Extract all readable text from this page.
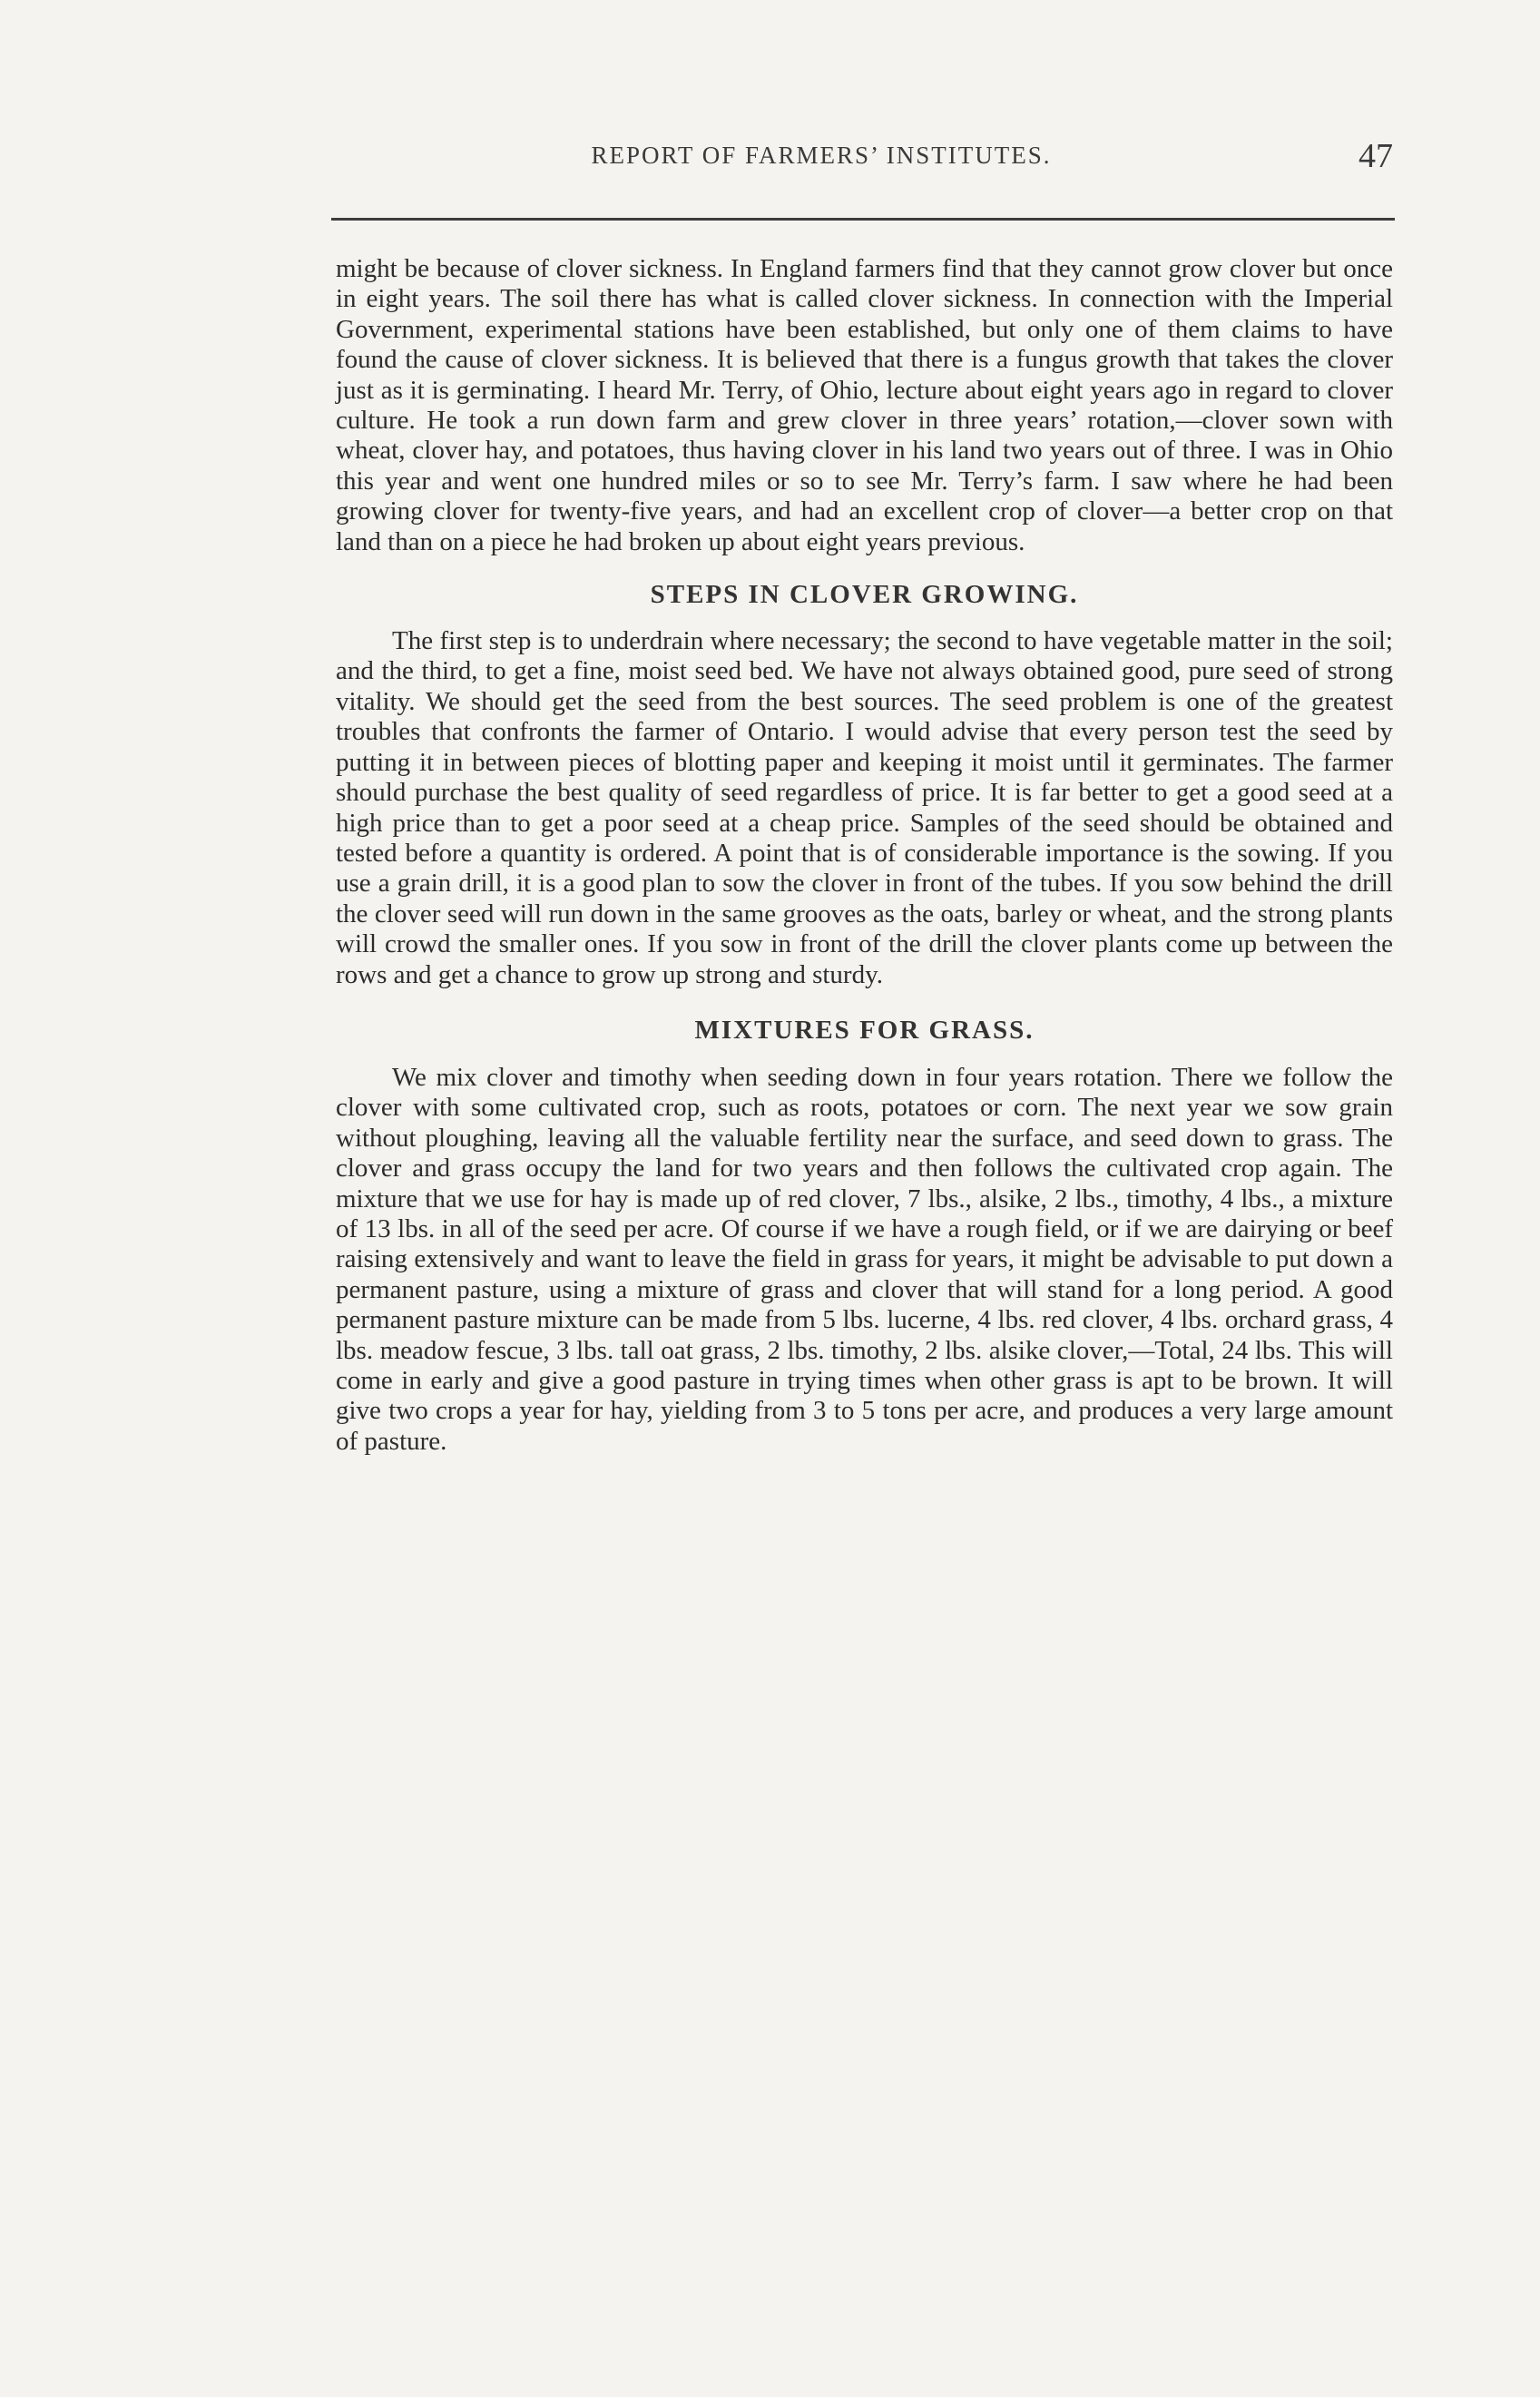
REPORT OF FARMERS’ INSTITUTES.	47

might be because of clover sickness. In England farmers find that they cannot grow clover but once in eight years. The soil there has what is called clover sickness. In connection with the Imperial Government, experimental stations have been established, but only one of them claims to have found the cause of clover sickness. It is believed that there is a fungus growth that takes the clover just as it is germinating. I heard Mr. Terry, of Ohio, lecture about eight years ago in regard to clover culture. He took a run down farm and grew clover in three years’ rotation,—clover sown with wheat, clover hay, and potatoes, thus having clover in his land two years out of three. I was in Ohio this year and went one hundred miles or so to see Mr. Terry’s farm. I saw where he had been growing clover for twenty-five years, and had an excellent crop of clover—a better crop on that land than on a piece he had broken up about eight years previous.

STEPS IN CLOVER GROWING.

The first step is to underdrain where necessary; the second to have vegetable matter in the soil; and the third, to get a fine, moist seed bed. We have not always obtained good, pure seed of strong vitality. We should get the seed from the best sources. The seed problem is one of the greatest troubles that confronts the farmer of Ontario. I would advise that every person test the seed by putting it in between pieces of blotting paper and keeping it moist until it germinates. The farmer should purchase the best quality of seed regardless of price. It is far better to get a good seed at a high price than to get a poor seed at a cheap price. Samples of the seed should be obtained and tested before a quantity is ordered. A point that is of considerable importance is the sowing. If you use a grain drill, it is a good plan to sow the clover in front of the tubes. If you sow behind the drill the clover seed will run down in the same grooves as the oats, barley or wheat, and the strong plants will crowd the smaller ones. If you sow in front of the drill the clover plants come up between the rows and get a chance to grow up strong and sturdy.

MIXTURES FOR GRASS.

We mix clover and timothy when seeding down in four years rotation. There we follow the clover with some cultivated crop, such as roots, potatoes or corn. The next year we sow grain without ploughing, leaving all the valuable fertility near the surface, and seed down to grass. The clover and grass occupy the land for two years and then follows the cultivated crop again. The mixture that we use for hay is made up of red clover, 7 lbs., alsike, 2 lbs., timothy, 4 lbs., a mixture of 13 lbs. in all of the seed per acre. Of course if we have a rough field, or if we are dairying or beef raising extensively and want to leave the field in grass for years, it might be advisable to put down a permanent pasture, using a mixture of grass and clover that will stand for a long period. A good permanent pasture mixture can be made from 5 lbs. lucerne, 4 lbs. red clover, 4 lbs. orchard grass, 4 lbs. meadow fescue, 3 lbs. tall oat grass, 2 lbs. timothy, 2 lbs. alsike clover,—Total, 24 lbs. This will come in early and give a good pasture in trying times when other grass is apt to be brown. It will give two crops a year for hay, yielding from 3 to 5 tons per acre, and produces a very large amount of pasture.
